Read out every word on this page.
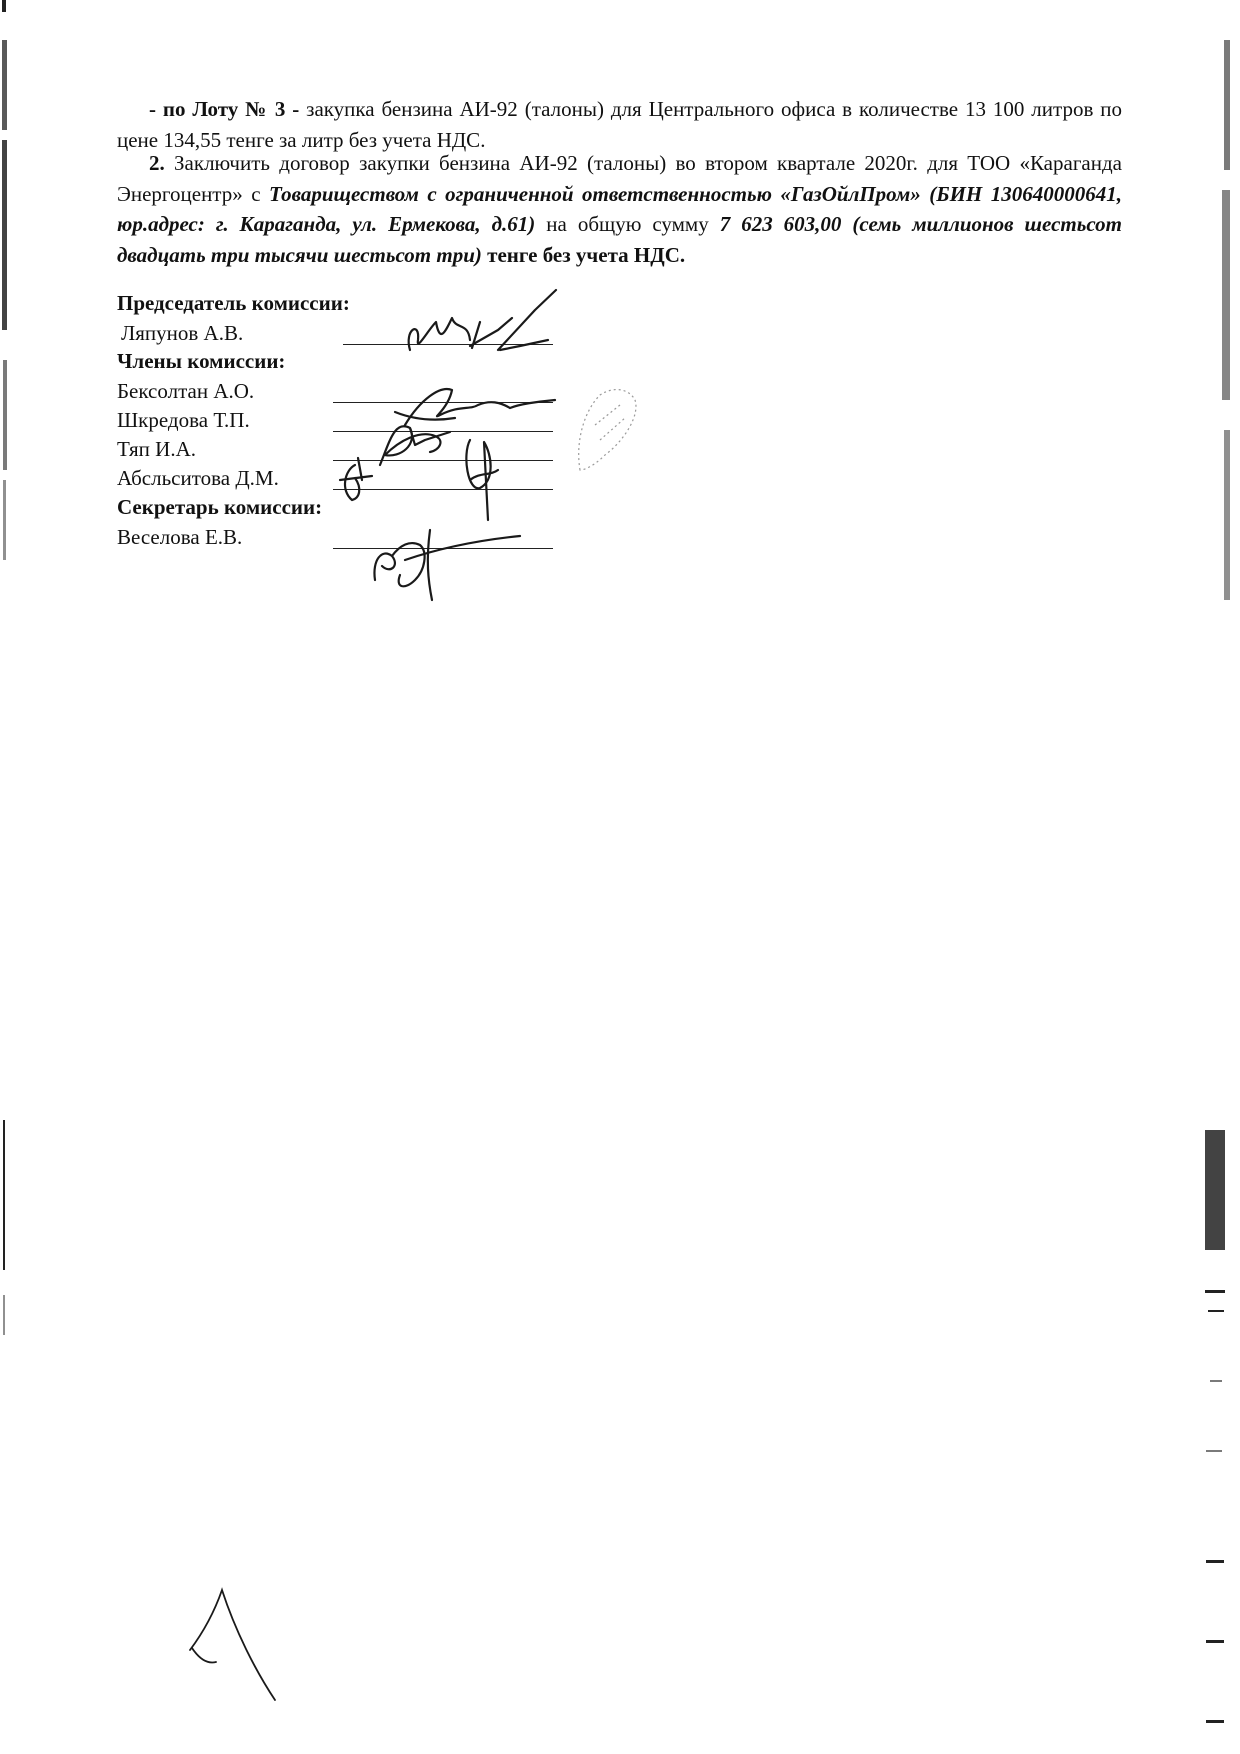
- по Лоту № 3 - закупка бензина АИ-92 (талоны) для Центрального офиса в количестве 13 100 литров по цене 134,55 тенге за литр без учета НДС.
2. Заключить договор закупки бензина АИ-92 (талоны) во втором квартале 2020г. для ТОО «Караганда Энергоцентр» с Товариществом с ограниченной ответственностью «ГазОйлПром» (БИН 130640000641, юр.адрес: г. Караганда, ул. Ермекова, д.61) на общую сумму 7 623 603,00 (семь миллионов шестьсот двадцать три тысячи шестьсот три) тенге без учета НДС.
Председатель комиссии:
Ляпунов А.В.
Члены комиссии:
Бексолтан А.О.
Шкредова Т.П.
Тяп И.А.
Абсльситова Д.М.
Секретарь комиссии:
Веселова Е.В.
